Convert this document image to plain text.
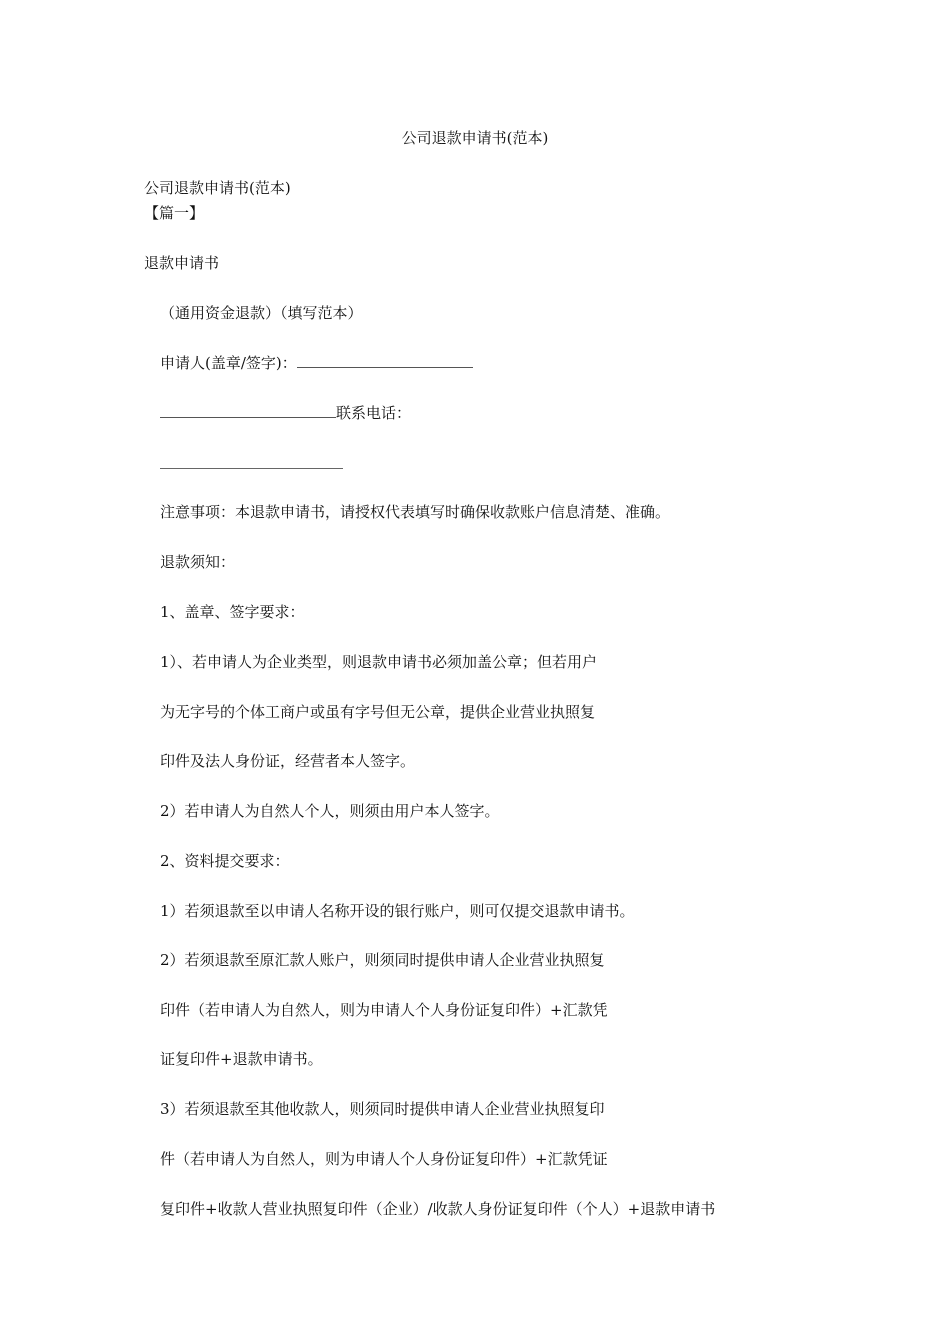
公司退款申请书(范本)
公司退款申请书(范本)
【篇一】
退款申请书
（通用资金退款）（填写范本）
申请人(盖章/签字)：
联系电话：
注意事项：本退款申请书，请授权代表填写时确保收款账户信息清楚、准确。
退款须知：
1、盖章、签字要求：
1）、若申请人为企业类型，则退款申请书必须加盖公章；但若用户
为无字号的个体工商户或虽有字号但无公章，提供企业营业执照复
印件及法人身份证，经营者本人签字。
2）若申请人为自然人个人，则须由用户本人签字。
2、资料提交要求：
1）若须退款至以申请人名称开设的银行账户，则可仅提交退款申请书。
2）若须退款至原汇款人账户，则须同时提供申请人企业营业执照复
印件（若申请人为自然人，则为申请人个人身份证复印件）+汇款凭
证复印件+退款申请书。
3）若须退款至其他收款人，则须同时提供申请人企业营业执照复印
件（若申请人为自然人，则为申请人个人身份证复印件）+汇款凭证
复印件+收款人营业执照复印件（企业）/收款人身份证复印件（个人）+退款申请书
